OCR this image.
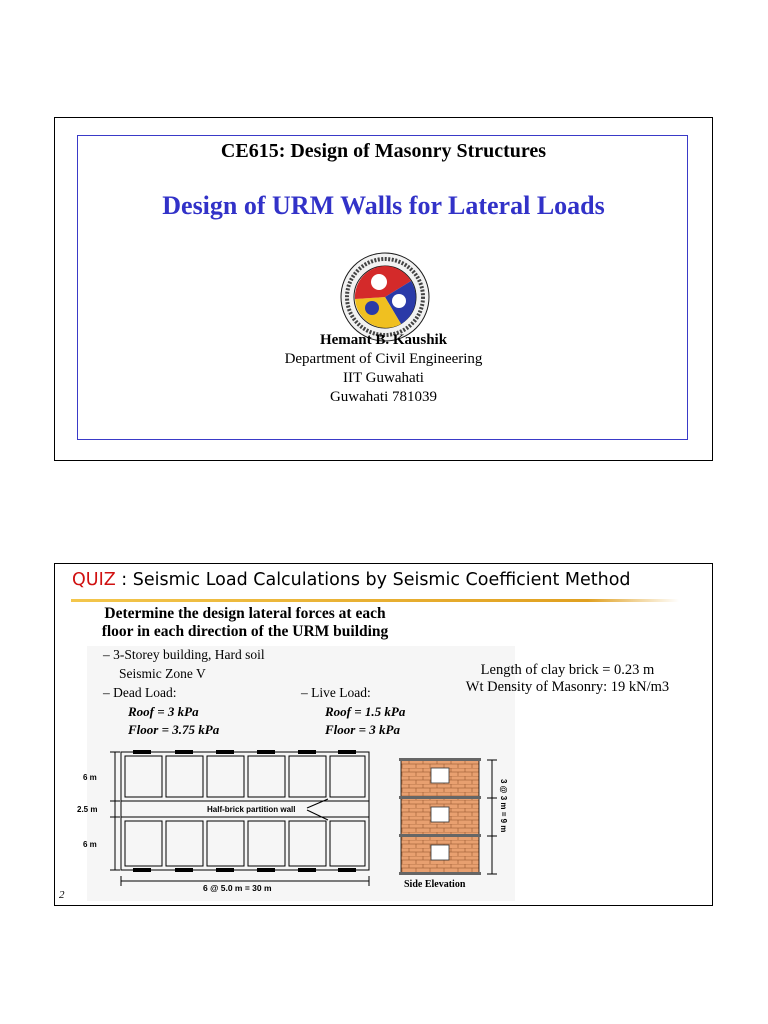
CE615: Design of Masonry Structures
Design of URM Walls for Lateral Loads
Hemant B. Kaushik
Department of Civil Engineering
IIT Guwahati
Guwahati 781039
QUIZ : Seismic Load Calculations by Seismic Coefficient Method
Determine the design lateral forces at each
floor in each direction of the URM building
– 3-Storey building, Hard soil
Seismic Zone V
– Dead Load:	– Live Load:
Roof = 3 kPa
Floor = 3.75 kPa
Roof = 1.5 kPa
Floor = 3 kPa
Length of clay brick = 0.23 m
Wt Density of Masonry: 19 kN/m3
Half-brick partition wall
6 m
2.5 m
6 m
6 @ 5.0 m = 30 m
3 @ 3 m = 9 m
Side Elevation
2
